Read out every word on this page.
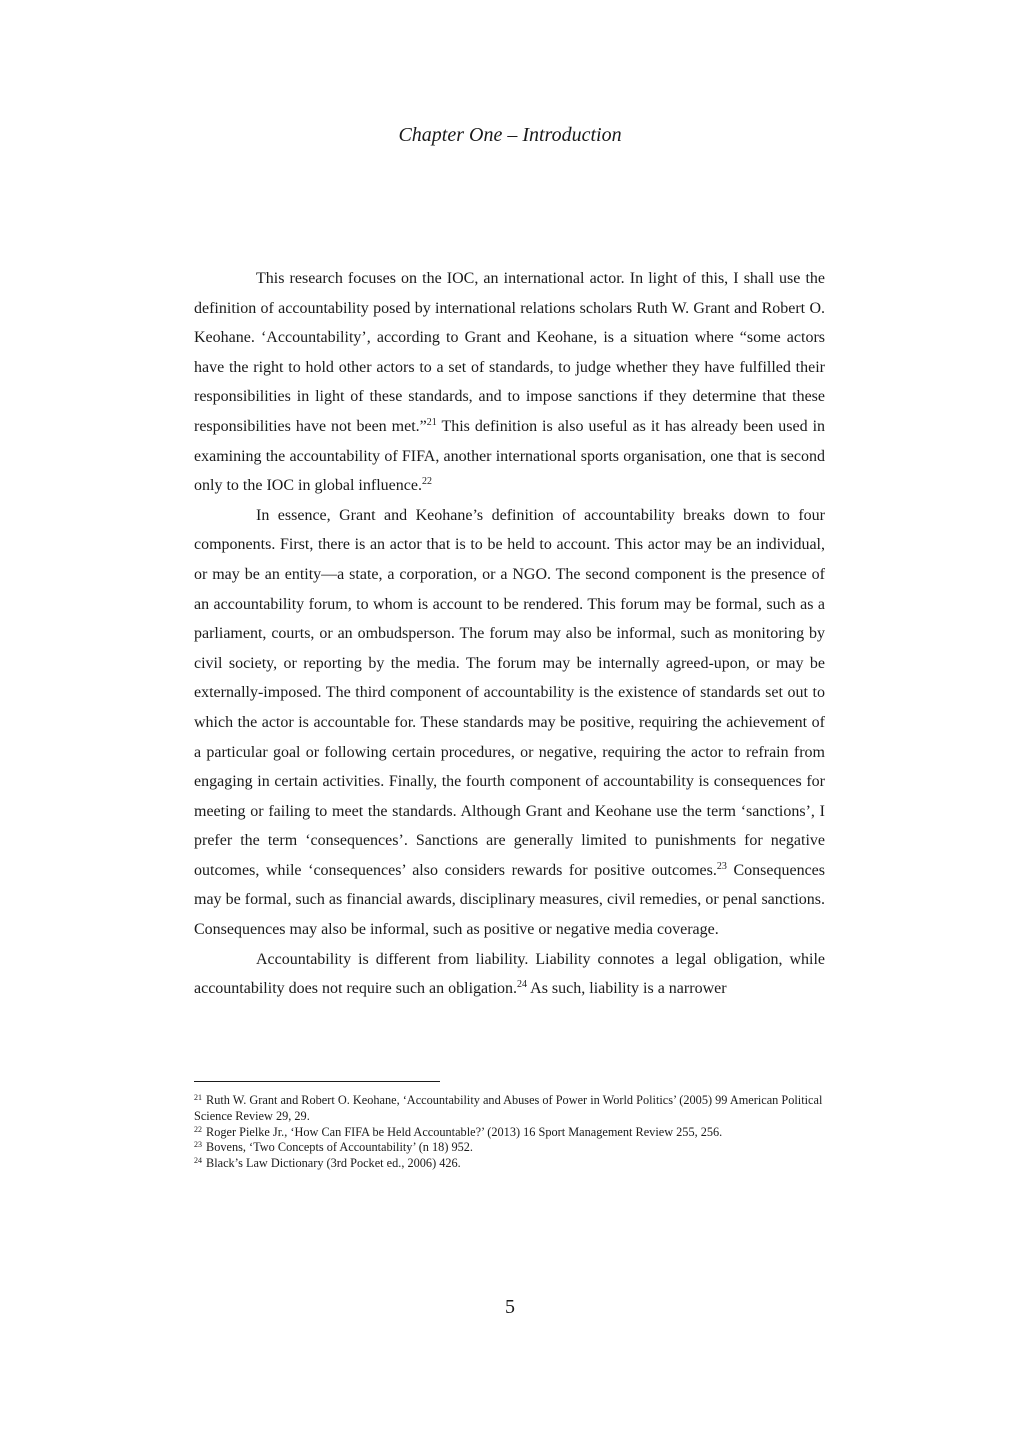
Chapter One – Introduction

This research focuses on the IOC, an international actor. In light of this, I shall use the definition of accountability posed by international relations scholars Ruth W. Grant and Robert O. Keohane. ‘Accountability’, according to Grant and Keohane, is a situation where “some actors have the right to hold other actors to a set of standards, to judge whether they have fulfilled their responsibilities in light of these standards, and to impose sanctions if they determine that these responsibilities have not been met.”$^{21}$ This definition is also useful as it has already been used in examining the accountability of FIFA, another international sports organisation, one that is second only to the IOC in global influence.$^{22}$

In essence, Grant and Keohane’s definition of accountability breaks down to four components. First, there is an actor that is to be held to account. This actor may be an individual, or may be an entity—a state, a corporation, or a NGO. The second component is the presence of an accountability forum, to whom is account to be rendered. This forum may be formal, such as a parliament, courts, or an ombudsperson. The forum may also be informal, such as monitoring by civil society, or reporting by the media. The forum may be internally agreed-upon, or may be externally-imposed. The third component of accountability is the existence of standards set out to which the actor is accountable for. These standards may be positive, requiring the achievement of a particular goal or following certain procedures, or negative, requiring the actor to refrain from engaging in certain activities. Finally, the fourth component of accountability is consequences for meeting or failing to meet the standards. Although Grant and Keohane use the term ‘sanctions’, I prefer the term ‘consequences’. Sanctions are generally limited to punishments for negative outcomes, while ‘consequences’ also considers rewards for positive outcomes.$^{23}$ Consequences may be formal, such as financial awards, disciplinary measures, civil remedies, or penal sanctions. Consequences may also be informal, such as positive or negative media coverage.

Accountability is different from liability. Liability connotes a legal obligation, while accountability does not require such an obligation.$^{24}$ As such, liability is a narrower

$^{21}$ Ruth W. Grant and Robert O. Keohane, ‘Accountability and Abuses of Power in World Politics’ (2005) 99 American Political Science Review 29, 29.

$^{22}$ Roger Pielke Jr., ‘How Can FIFA be Held Accountable?’ (2013) 16 Sport Management Review 255, 256.

$^{23}$ Bovens, ‘Two Concepts of Accountability’ (n 18) 952.

$^{24}$ Black’s Law Dictionary (3rd Pocket ed., 2006) 426.

5
